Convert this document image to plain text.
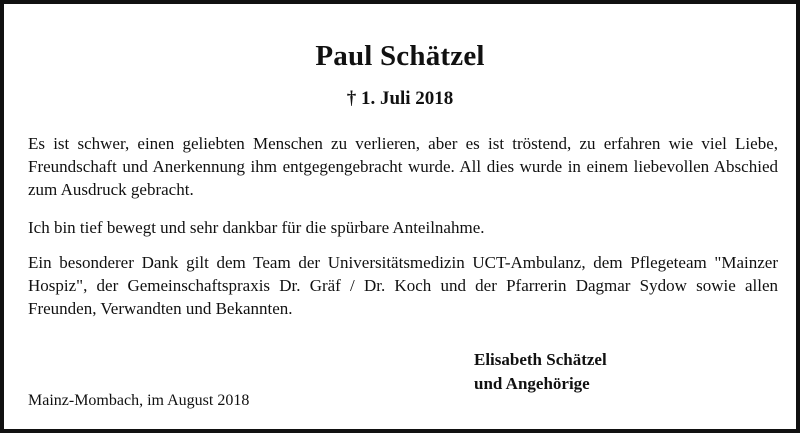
Paul Schätzel
† 1. Juli 2018
Es ist schwer, einen geliebten Menschen zu verlieren, aber es ist tröstend, zu erfahren wie viel Liebe, Freundschaft und Anerkennung ihm entgegengebracht wurde. All dies wurde in einem liebevollen Abschied zum Ausdruck gebracht.
Ich bin tief bewegt und sehr dankbar für die spürbare Anteilnahme.
Ein besonderer Dank gilt dem Team der Universitätsmedizin UCT-Ambulanz, dem Pflegeteam "Mainzer Hospiz", der Gemeinschaftspraxis Dr. Gräf / Dr. Koch und der Pfarrerin Dagmar Sydow sowie allen Freunden, Verwandten und Bekannten.
Elisabeth Schätzel
und Angehörige
Mainz-Mombach, im August 2018
